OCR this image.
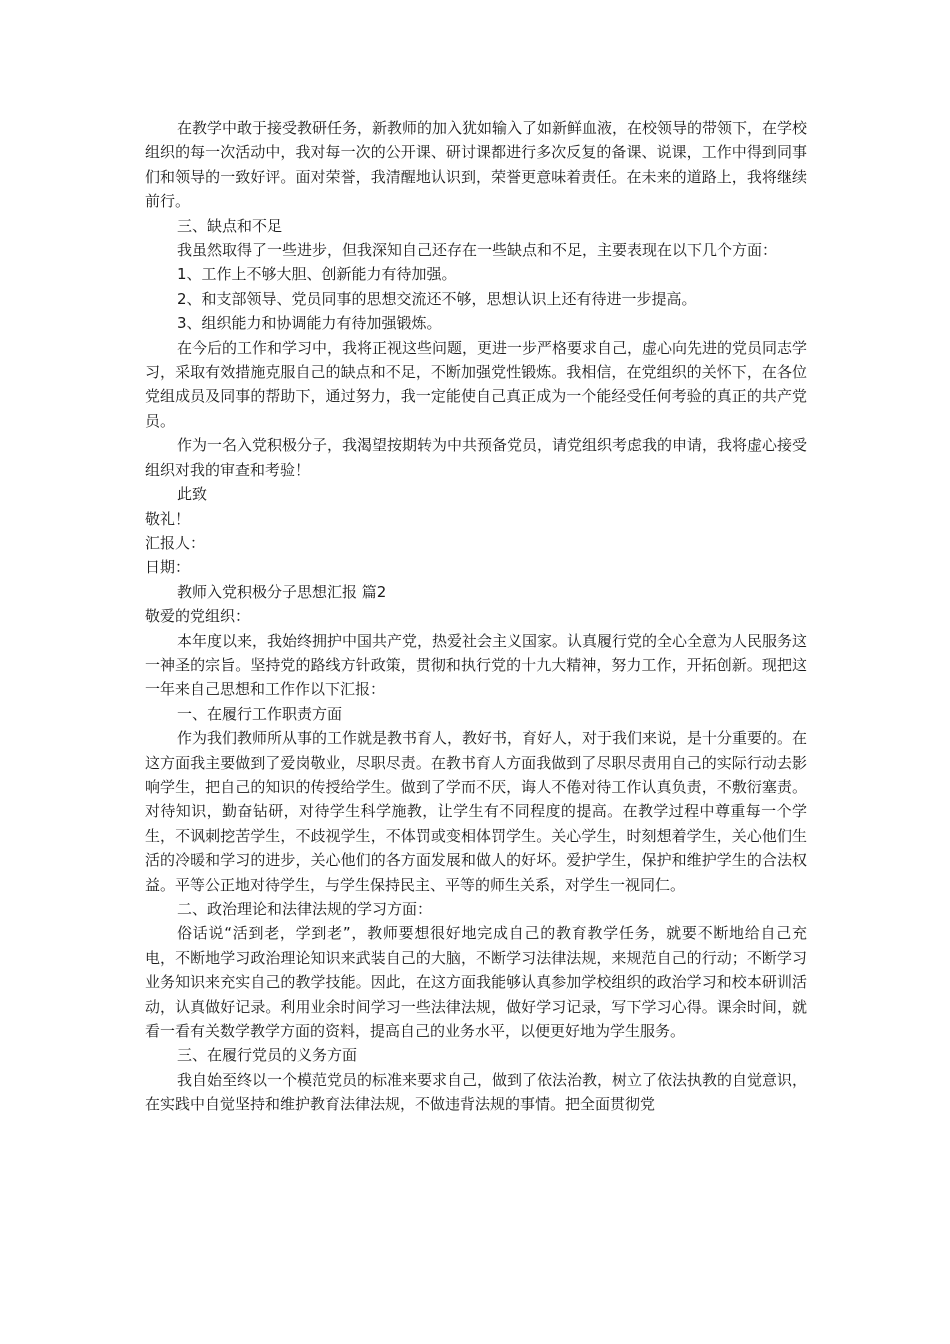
在教学中敢于接受教研任务，新教师的加入犹如输入了如新鲜血液，在校领导的带领下，在学校组织的每一次活动中，我对每一次的公开课、研讨课都进行多次反复的备课、说课，工作中得到同事们和领导的一致好评。面对荣誉，我清醒地认识到，荣誉更意味着责任。在未来的道路上，我将继续前行。

三、缺点和不足

我虽然取得了一些进步，但我深知自己还存在一些缺点和不足，主要表现在以下几个方面：

1、工作上不够大胆、创新能力有待加强。

2、和支部领导、党员同事的思想交流还不够，思想认识上还有待进一步提高。

3、组织能力和协调能力有待加强锻炼。

在今后的工作和学习中，我将正视这些问题，更进一步严格要求自己，虚心向先进的党员同志学习，采取有效措施克服自己的缺点和不足，不断加强党性锻炼。我相信，在党组织的关怀下，在各位党组成员及同事的帮助下，通过努力，我一定能使自己真正成为一个能经受任何考验的真正的共产党员。

作为一名入党积极分子，我渴望按期转为中共预备党员，请党组织考虑我的申请，我将虚心接受组织对我的审查和考验！

此致

敬礼！

汇报人：

日期：

教师入党积极分子思想汇报 篇2

敬爱的党组织：

本年度以来，我始终拥护中国共产党，热爱社会主义国家。认真履行党的全心全意为人民服务这一神圣的宗旨。坚持党的路线方针政策，贯彻和执行党的十九大精神，努力工作，开拓创新。现把这一年来自己思想和工作作以下汇报：

一、在履行工作职责方面

作为我们教师所从事的工作就是教书育人，教好书，育好人，对于我们来说，是十分重要的。在这方面我主要做到了爱岗敬业，尽职尽责。在教书育人方面我做到了尽职尽责用自己的实际行动去影响学生，把自己的知识的传授给学生。做到了学而不厌，诲人不倦对待工作认真负责，不敷衍塞责。对待知识，勤奋钻研，对待学生科学施教，让学生有不同程度的提高。在教学过程中尊重每一个学生，不讽刺挖苦学生，不歧视学生，不体罚或变相体罚学生。关心学生，时刻想着学生，关心他们生活的冷暖和学习的进步，关心他们的各方面发展和做人的好坏。爱护学生，保护和维护学生的合法权益。平等公正地对待学生，与学生保持民主、平等的师生关系，对学生一视同仁。

二、政治理论和法律法规的学习方面：

俗话说“活到老，学到老”，教师要想很好地完成自己的教育教学任务，就要不断地给自己充电，不断地学习政治理论知识来武装自己的大脑，不断学习法律法规，来规范自己的行动；不断学习业务知识来充实自己的教学技能。因此，在这方面我能够认真参加学校组织的政治学习和校本研训活动，认真做好记录。利用业余时间学习一些法律法规，做好学习记录，写下学习心得。课余时间，就看一看有关数学教学方面的资料，提高自己的业务水平，以便更好地为学生服务。

三、在履行党员的义务方面

我自始至终以一个模范党员的标准来要求自己，做到了依法治教，树立了依法执教的自觉意识，在实践中自觉坚持和维护教育法律法规，不做违背法规的事情。把全面贯彻党
